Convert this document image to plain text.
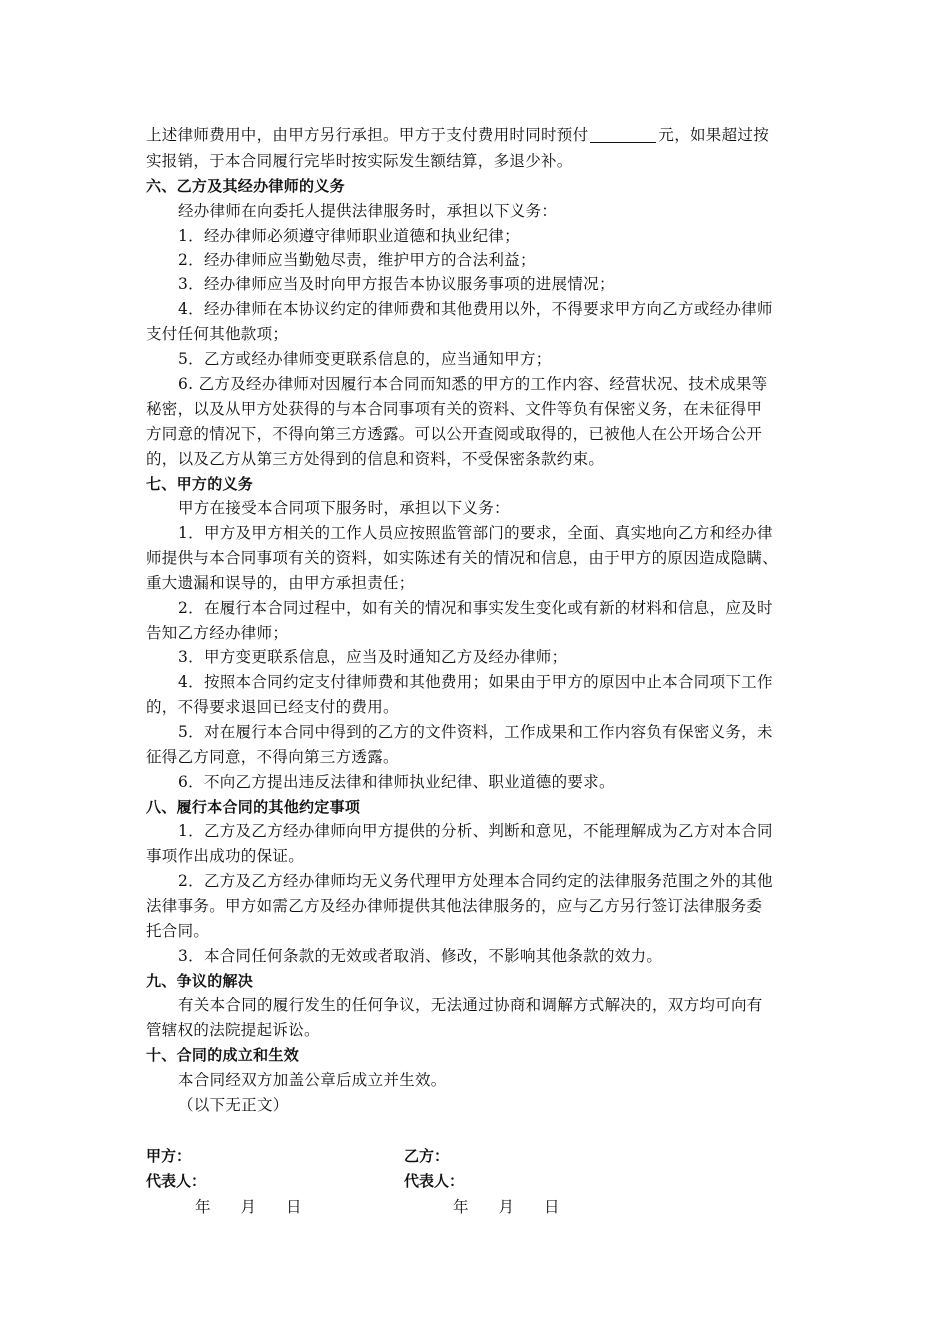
上述律师费用中，由甲方另行承担。甲方于支付费用时同时预付	元，如果超过按
实报销，于本合同履行完毕时按实际发生额结算，多退少补。
六、乙方及其经办律师的义务
经办律师在向委托人提供法律服务时，承担以下义务：
1．经办律师必须遵守律师职业道德和执业纪律；
2．经办律师应当勤勉尽责，维护甲方的合法利益；
3．经办律师应当及时向甲方报告本协议服务事项的进展情况；
4．经办律师在本协议约定的律师费和其他费用以外，不得要求甲方向乙方或经办律师
支付任何其他款项；
5．乙方或经办律师变更联系信息的，应当通知甲方；
6. 乙方及经办律师对因履行本合同而知悉的甲方的工作内容、经营状况、技术成果等
秘密，以及从甲方处获得的与本合同事项有关的资料、文件等负有保密义务，在未征得甲
方同意的情况下，不得向第三方透露。可以公开查阅或取得的，已被他人在公开场合公开
的，以及乙方从第三方处得到的信息和资料，不受保密条款约束。
七、甲方的义务
甲方在接受本合同项下服务时，承担以下义务：
1．甲方及甲方相关的工作人员应按照监管部门的要求，全面、真实地向乙方和经办律
师提供与本合同事项有关的资料，如实陈述有关的情况和信息，由于甲方的原因造成隐瞒、
重大遗漏和误导的，由甲方承担责任；
2．在履行本合同过程中，如有关的情况和事实发生变化或有新的材料和信息，应及时
告知乙方经办律师；
3．甲方变更联系信息，应当及时通知乙方及经办律师；
4．按照本合同约定支付律师费和其他费用；如果由于甲方的原因中止本合同项下工作
的，不得要求退回已经支付的费用。
5．对在履行本合同中得到的乙方的文件资料，工作成果和工作内容负有保密义务，未
征得乙方同意，不得向第三方透露。
6．不向乙方提出违反法律和律师执业纪律、职业道德的要求。
八、履行本合同的其他约定事项
1．乙方及乙方经办律师向甲方提供的分析、判断和意见，不能理解成为乙方对本合同
事项作出成功的保证。
2．乙方及乙方经办律师均无义务代理甲方处理本合同约定的法律服务范围之外的其他
法律事务。甲方如需乙方及经办律师提供其他法律服务的，应与乙方另行签订法律服务委
托合同。
3．本合同任何条款的无效或者取消、修改，不影响其他条款的效力。
九、争议的解决
有关本合同的履行发生的任何争议，无法通过协商和调解方式解决的，双方均可向有
管辖权的法院提起诉讼。
十、合同的成立和生效
本合同经双方加盖公章后成立并生效。
（以下无正文）
甲方：	乙方：
代表人：	代表人：
年 月 日	年 月 日
